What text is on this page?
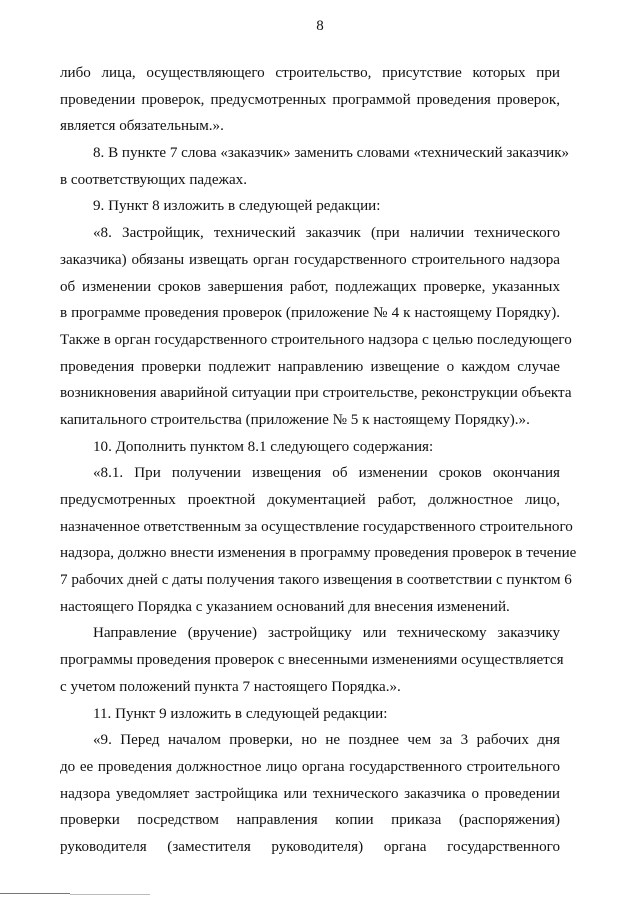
8
либо лица, осуществляющего строительство, присутствие которых при
проведении проверок, предусмотренных программой проведения проверок,
является обязательным.».
8. В пункте 7 слова «заказчик» заменить словами «технический заказчик»
в соответствующих падежах.
9. Пункт 8 изложить в следующей редакции:
«8. Застройщик, технический заказчик (при наличии технического
заказчика) обязаны извещать орган государственного строительного надзора
об изменении сроков завершения работ, подлежащих проверке, указанных
в программе проведения проверок (приложение № 4 к настоящему Порядку).
Также в орган государственного строительного надзора с целью последующего
проведения проверки подлежит направлению извещение о каждом случае
возникновения аварийной ситуации при строительстве, реконструкции объекта
капитального строительства (приложение № 5 к настоящему Порядку).».
10. Дополнить пунктом 8.1 следующего содержания:
«8.1. При получении извещения об изменении сроков окончания
предусмотренных проектной документацией работ, должностное лицо,
назначенное ответственным за осуществление государственного строительного
надзора, должно внести изменения в программу проведения проверок в течение
7 рабочих дней с даты получения такого извещения в соответствии с пунктом 6
настоящего Порядка с указанием оснований для внесения изменений.
Направление (вручение) застройщику или техническому заказчику
программы проведения проверок с внесенными изменениями осуществляется
с учетом положений пункта 7 настоящего Порядка.».
11. Пункт 9 изложить в следующей редакции:
«9. Перед началом проверки, но не позднее чем за 3 рабочих дня
до ее проведения должностное лицо органа государственного строительного
надзора уведомляет застройщика или технического заказчика о проведении
проверки посредством направления копии приказа (распоряжения)
руководителя (заместителя руководителя) органа государственного
